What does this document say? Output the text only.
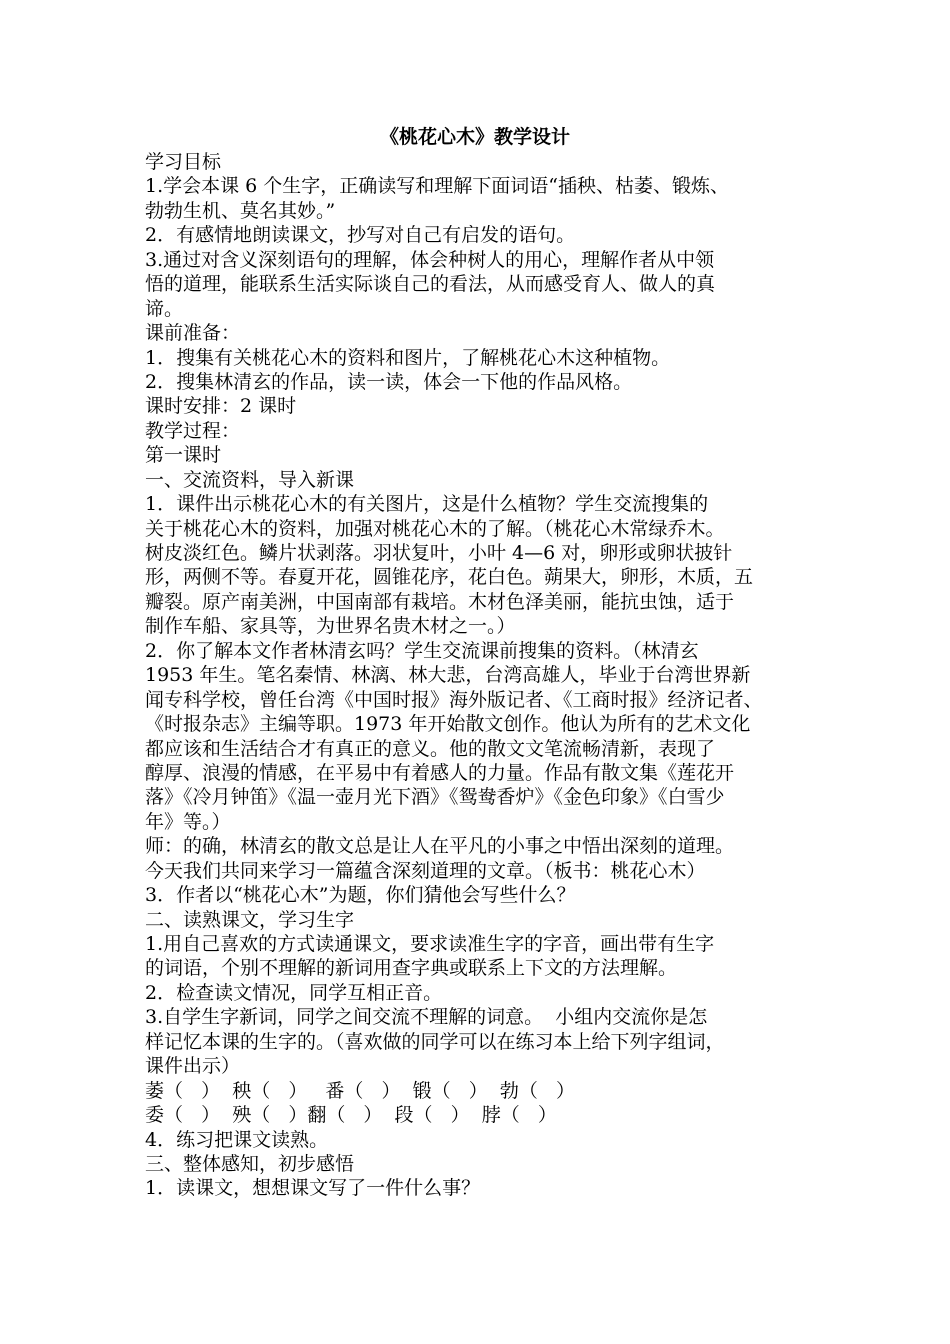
《桃花心木》教学设计
学习目标
1.学会本课 6 个生字，正确读写和理解下面词语“插秧、枯萎、锻炼、
勃勃生机、莫名其妙。”
2．有感情地朗读课文，抄写对自己有启发的语句。
3.通过对含义深刻语句的理解，体会种树人的用心，理解作者从中领
悟的道理，能联系生活实际谈自己的看法，从而感受育人、做人的真
谛。
课前准备：
1．搜集有关桃花心木的资料和图片，了解桃花心木这种植物。
2．搜集林清玄的作品，读一读，体会一下他的作品风格。
课时安排：2 课时
教学过程：
第一课时
一、交流资料，导入新课
1．课件出示桃花心木的有关图片，这是什么植物？学生交流搜集的
关于桃花心木的资料，加强对桃花心木的了解。（桃花心木常绿乔木。
树皮淡红色。鳞片状剥落。羽状复叶，小叶 4—6 对，卵形或卵状披针
形，两侧不等。春夏开花，圆锥花序，花白色。蒴果大，卵形，木质，五
瓣裂。原产南美洲，中国南部有栽培。木材色泽美丽，能抗虫蚀，适于
制作车船、家具等，为世界名贵木材之一。）
2．你了解本文作者林清玄吗？学生交流课前搜集的资料。（林清玄
1953 年生。笔名秦情、林漓、林大悲，台湾高雄人，毕业于台湾世界新
闻专科学校，曾任台湾《中国时报》海外版记者、《工商时报》经济记者、
《时报杂志》主编等职。1973 年开始散文创作。他认为所有的艺术文化
都应该和生活结合才有真正的意义。他的散文文笔流畅清新，表现了
醇厚、浪漫的情感，在平易中有着感人的力量。作品有散文集《莲花开
落》《冷月钟笛》《温一壶月光下酒》《鸳鸯香炉》《金色印象》《白雪少
年》等。）
师：的确，林清玄的散文总是让人在平凡的小事之中悟出深刻的道理。
今天我们共同来学习一篇蕴含深刻道理的文章。（板书：桃花心木）
3．作者以“桃花心木”为题，你们猜他会写些什么？
二、读熟课文，学习生字
1.用自己喜欢的方式读通课文，要求读准生字的字音，画出带有生字
的词语，个别不理解的新词用查字典或联系上下文的方法理解。
2．检查读文情况，同学互相正音。
3.自学生字新词，同学之间交流不理解的词意。  小组内交流你是怎
样记忆本课的生字的。（喜欢做的同学可以在练习本上给下列字组词，
课件出示）
萎（   ）  秧（   ）   番（   ）  锻（   ）  勃（   ）
委（   ）  殃（   ）翻（   ）  段（   ）  脖（   ）
4．练习把课文读熟。
三、整体感知，初步感悟
1．读课文，想想课文写了一件什么事？
